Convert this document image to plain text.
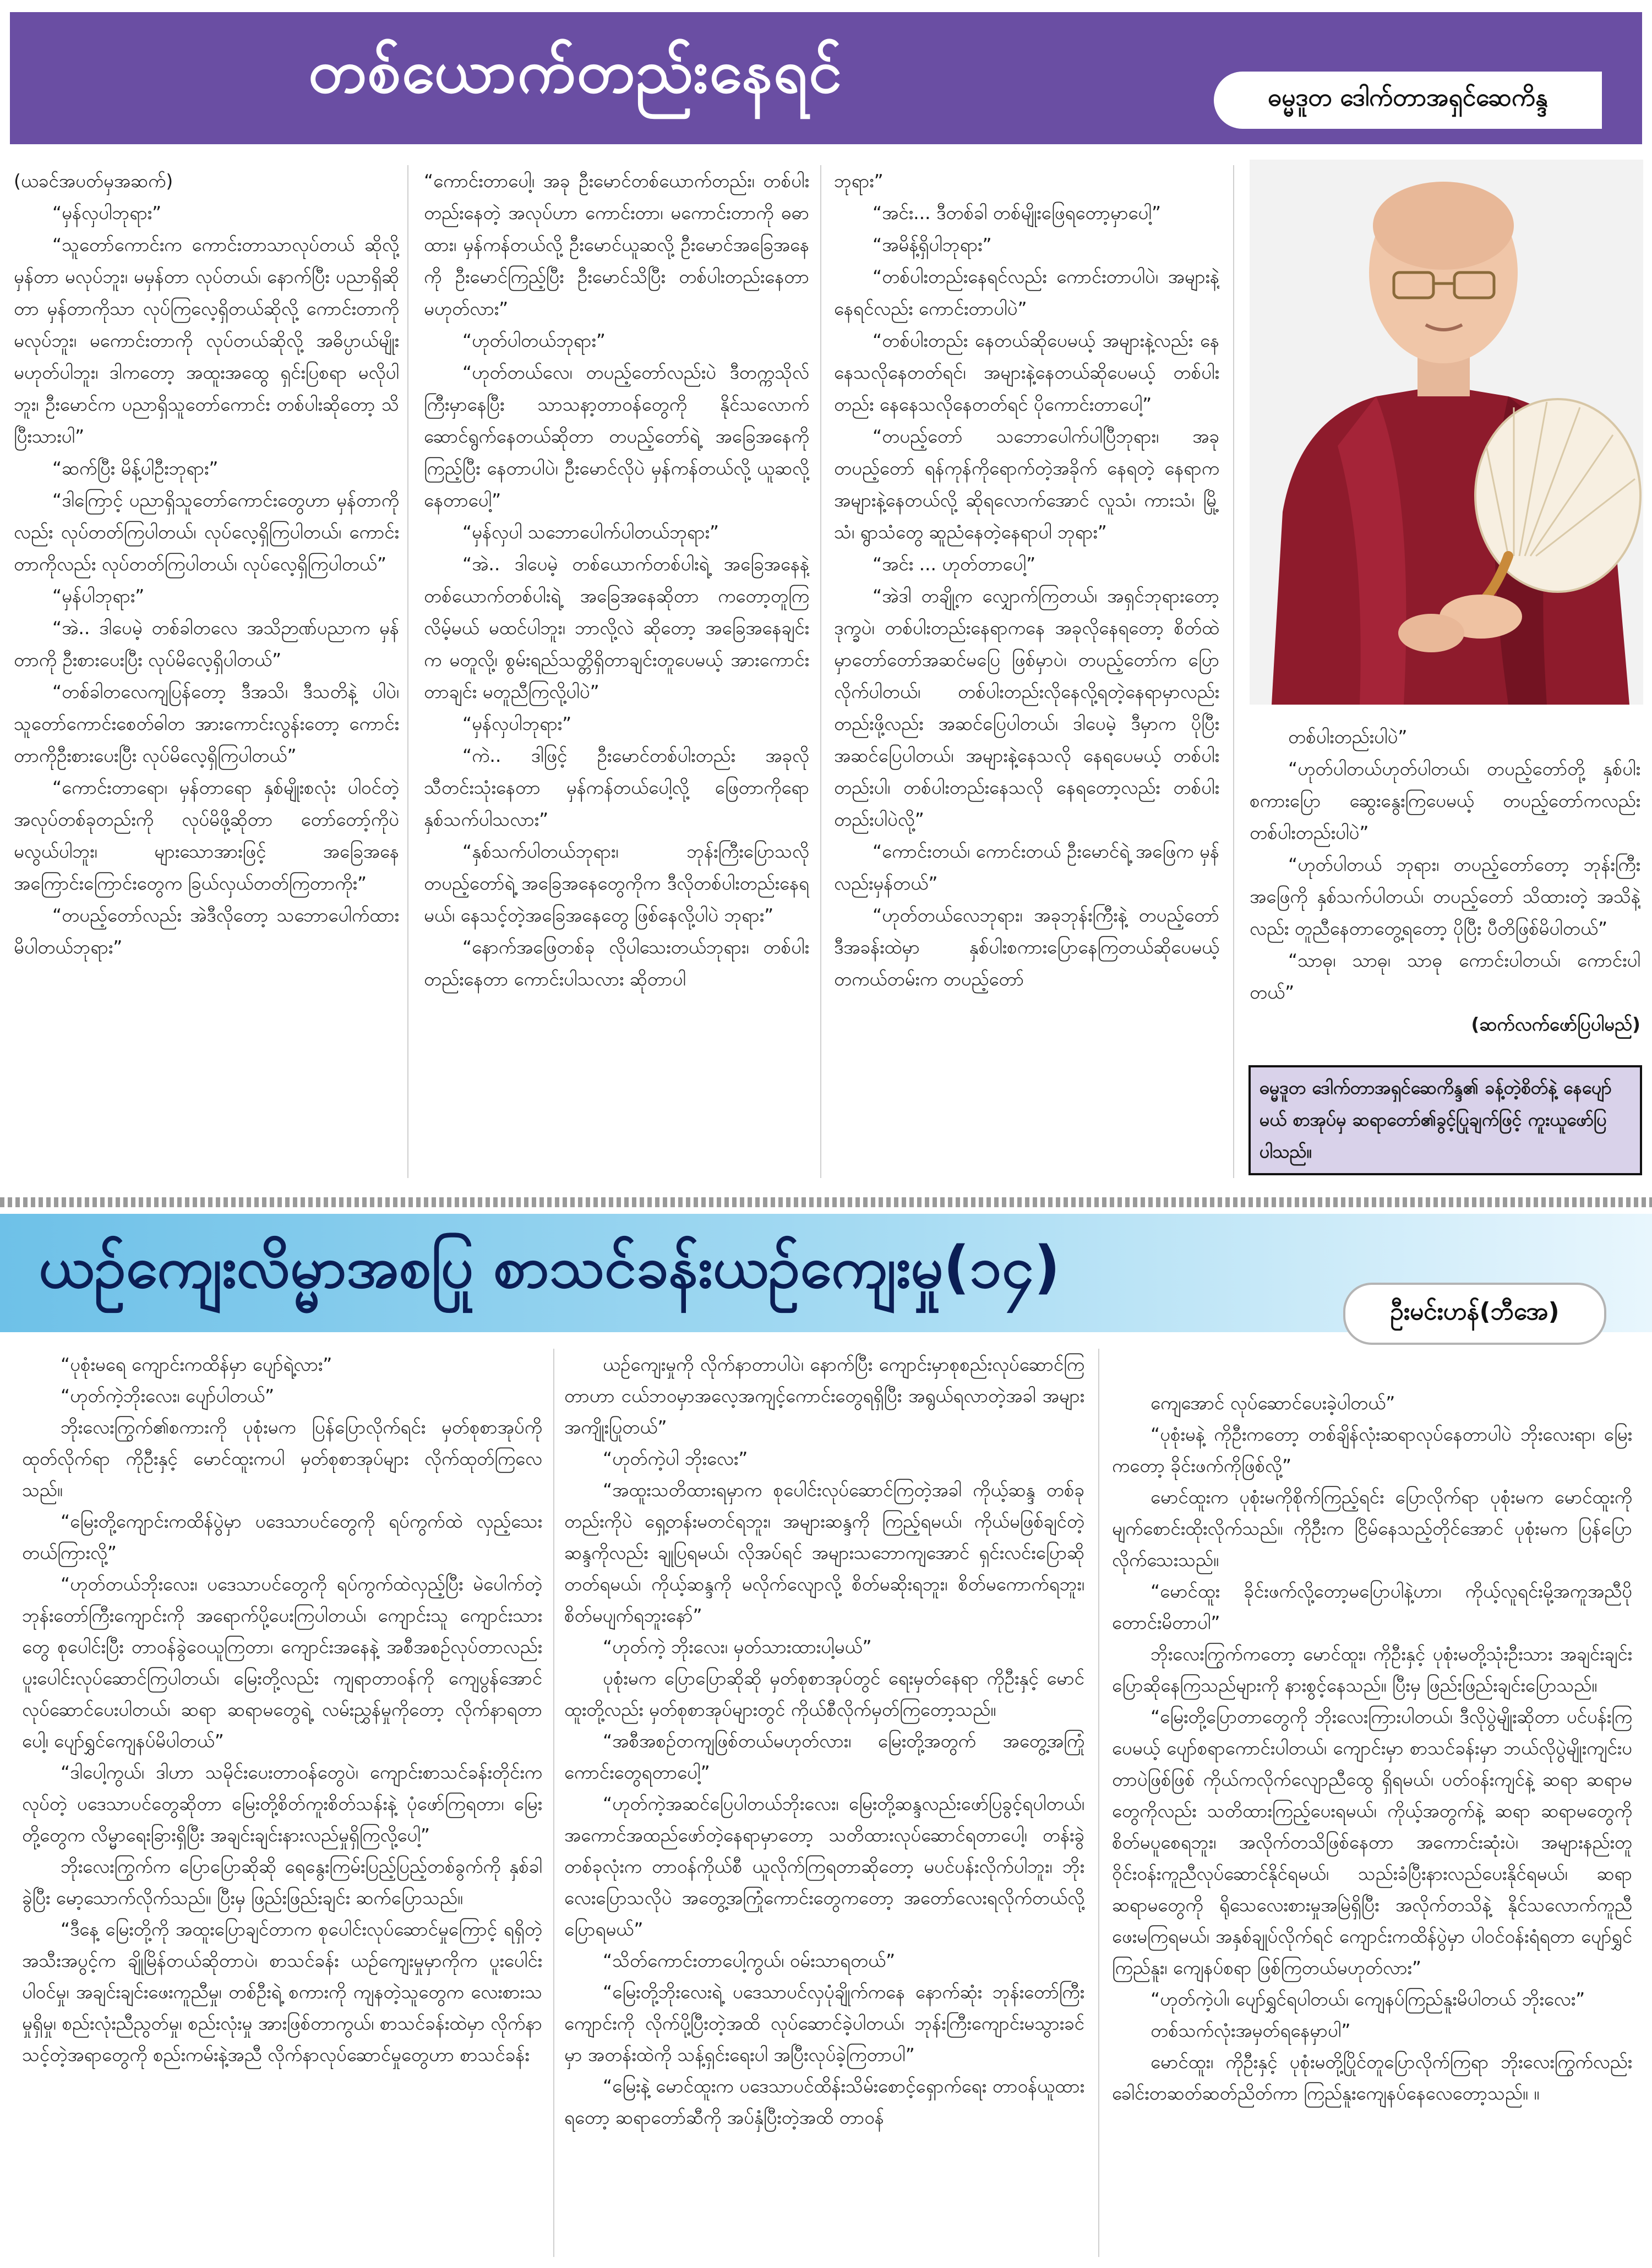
တစ်ယောက်တည်းနေရင်	ဓမ္မဒူတ ဒေါက်တာအရှင်ဆေကိန္ဒ

(ယခင်အပတ်မှအဆက်)

“မှန်လှပါဘုရား”

“သူတော်ကောင်းက ကောင်းတာသာလုပ်တယ် ဆိုလို့ မှန်တာ မလုပ်ဘူး၊ မမှန်တာ လုပ်တယ်၊ နောက်ပြီး ပညာရှိဆိုတာ မှန်တာကိုသာ လုပ်ကြလေ့ရှိတယ်ဆိုလို့ ကောင်းတာကို မလုပ်ဘူး၊ မကောင်းတာကို လုပ်တယ်ဆိုလို့ အဓိပ္ပာယ်မျိုး မဟုတ်ပါဘူး၊ ဒါကတော့ အထူးအထွေ ရှင်းပြစရာ မလိုပါဘူး၊ ဦးမောင်က ပညာရှိသူတော်ကောင်း တစ်ပါးဆိုတော့ သိပြီးသားပါ”

“ဆက်ပြီး မိန့်ပါဦးဘုရား”

“ဒါကြောင့် ပညာရှိသူတော်ကောင်းတွေဟာ မှန်တာကိုလည်း လုပ်တတ်ကြပါတယ်၊ လုပ်လေ့ရှိကြပါတယ်၊ ကောင်းတာကိုလည်း လုပ်တတ်ကြပါတယ်၊ လုပ်လေ့ရှိကြပါတယ်”

“မှန်ပါဘုရား”

“အဲ.. ဒါပေမဲ့ တစ်ခါတလေ အသိဉာဏ်ပညာက မှန်တာကို ဦးစားပေးပြီး လုပ်မိလေ့ရှိပါတယ်”

“တစ်ခါတလေကျပြန်တော့ ဒီအသိ၊ ဒီသတိနဲ့ ပါပဲ၊ သူတော်ကောင်းစေတ်ဓါတ အားကောင်းလွန်းတော့ ကောင်းတာကိုဦးစားပေးပြီး လုပ်မိလေ့ရှိကြပါတယ်”

“ကောင်းတာရော၊ မှန်တာရော နှစ်မျိုးစလုံး ပါဝင်တဲ့ အလုပ်တစ်ခုတည်းကို လုပ်မိဖို့ဆိုတာ တော်တော့်ကိုပဲ မလွယ်ပါဘူး၊ များသောအားဖြင့် အခြေအနေ အကြောင်းကြောင်းတွေက ခြယ်လှယ်တတ်ကြတာကိုး”

“တပည့်တော်လည်း အဲဒီလိုတော့ သဘောပေါက်ထားမိပါတယ်ဘုရား”

“ကောင်းတာပေါ့၊ အခု ဦးမောင်တစ်ယောက်တည်း၊ တစ်ပါးတည်းနေတဲ့ အလုပ်ဟာ ကောင်းတာ၊ မကောင်းတာကို ဓဓာထား၊ မှန်ကန်တယ်လို့ ဦးမောင်ယူဆလို့ ဦးမောင်အခြေအနေကို ဦးမောင်ကြည့်ပြီး ဦးမောင်သိပြီး တစ်ပါးတည်းနေတာ မဟုတ်လား”

“ဟုတ်ပါတယ်ဘုရား”

“ဟုတ်တယ်လေ၊ တပည့်တော်လည်းပဲ ဒီတက္ကသိုလ်ကြီးမှာနေပြီး သာသနာ့တာဝန်တွေကို နိုင်သလောက် ဆောင်ရွက်နေတယ်ဆိုတာ တပည့်တော်ရဲ့ အခြေအနေကိုကြည့်ပြီး နေတာပါပဲ၊ ဦးမောင်လိုပဲ မှန်ကန်တယ်လို့ ယူဆလို့ နေတာပေါ့”

“မှန်လှပါ သဘောပေါက်ပါတယ်ဘုရား”

“အဲ.. ဒါပေမဲ့ တစ်ယောက်တစ်ပါးရဲ့ အခြေအနေနဲ့ တစ်ယောက်တစ်ပါးရဲ့ အခြေအနေဆိုတာ ကတော့တူကြလိမ့်မယ် မထင်ပါဘူး၊ ဘာလို့လဲ ဆိုတော့ အခြေအနေချင်းက မတူလို့၊ စွမ်းရည်သတ္တိရှိတာချင်းတူပေမယ့် အားကောင်းတာချင်း မတူညီကြလို့ပါပဲ”

“မှန်လှပါဘုရား”

“ကဲ.. ဒါဖြင့် ဦးမောင်တစ်ပါးတည်း အခုလို သီတင်းသုံးနေတာ မှန်ကန်တယ်ပေါ့လို့ ဖြေတာကိုရော နှစ်သက်ပါသလား”

“နှစ်သက်ပါတယ်ဘုရား၊ ဘုန်းကြီးပြောသလို တပည့်တော်ရဲ့ အခြေအနေတွေကိုက ဒီလိုတစ်ပါးတည်းနေရမယ်၊ နေသင့်တဲ့အခြေအနေတွေ ဖြစ်နေလို့ပါပဲ ဘုရား”

“နောက်အဖြေတစ်ခု လိုပါသေးတယ်ဘုရား၊ တစ်ပါးတည်းနေတာ ကောင်းပါသလား ဆိုတာပါ

ဘုရား”

“အင်း... ဒီတစ်ခါ တစ်မျိုးဖြေရတော့မှာပေါ့”

“အမိန့်ရှိပါဘုရား”

“တစ်ပါးတည်းနေရင်လည်း ကောင်းတာပါပဲ၊ အများနဲ့နေရင်လည်း ကောင်းတာပါပဲ”

“တစ်ပါးတည်း နေတယ်ဆိုပေမယ့် အများနဲ့လည်း နေနေသလိုနေတတ်ရင်၊ အများနဲ့နေတယ်ဆိုပေမယ့် တစ်ပါးတည်း နေနေသလိုနေတတ်ရင် ပိုကောင်းတာပေါ့”

“တပည့်တော် သဘောပေါက်ပါပြီဘုရား၊ အခု တပည့်တော် ရန်ကုန်ကိုရောက်တဲ့အခိုက် နေရတဲ့ နေရာက အများနဲ့နေတယ်လို့ ဆိုရလောက်အောင် လူသံ၊ ကားသံ၊ မြို့သံ၊ ရွာသံတွေ ဆူညံနေတဲ့နေရာပါ ဘုရား”

“အင်း ... ဟုတ်တာပေါ့”

“အဲဒါ တချို့က လျှောက်ကြတယ်၊ အရှင်ဘုရားတော့ဒုက္ခပဲ၊ တစ်ပါးတည်းနေရာကနေ အခုလိုနေရတော့ စိတ်ထဲမှာတော်တော်အဆင်မပြေ ဖြစ်မှာပဲ၊ တပည့်တော်က ပြောလိုက်ပါတယ်၊ တစ်ပါးတည်းလိုနေလို့ရတဲ့နေရာမှာလည်း တည်းဖို့လည်း အဆင်ပြေပါတယ်၊ ဒါပေမဲ့ ဒီမှာက ပိုပြီး အဆင်ပြေပါတယ်၊ အများနဲ့နေသလို နေရပေမယ့် တစ်ပါးတည်းပါ၊ တစ်ပါးတည်းနေသလို နေရတော့လည်း တစ်ပါးတည်းပါပဲလို့”

“ကောင်းတယ်၊ ကောင်းတယ် ဦးမောင်ရဲ့ အဖြေက မှန်လည်းမှန်တယ်”

“ဟုတ်တယ်လေဘုရား၊ အခုဘုန်းကြီးနဲ့ တပည့်တော် ဒီအခန်းထဲမှာ နှစ်ပါးစကားပြောနေကြတယ်ဆိုပေမယ့် တကယ်တမ်းက တပည့်တော်

တစ်ပါးတည်းပါပဲ”

“ဟုတ်ပါတယ်ဟုတ်ပါတယ်၊ တပည့်တော်တို့ နှစ်ပါး စကားပြော ဆွေးနွေးကြပေမယ့် တပည့်တော်ကလည်း တစ်ပါးတည်းပါပဲ”

“ဟုတ်ပါတယ် ဘုရား၊ တပည့်တော်တော့ ဘုန်းကြီးအဖြေကို နှစ်သက်ပါတယ်၊ တပည့်တော် သိထားတဲ့ အသိနဲ့လည်း တူညီနေတာတွေ့ရတော့ ပိုပြီး ပီတိဖြစ်မိပါတယ်”

“သာဓု၊ သာဓု၊ သာဓု ကောင်းပါတယ်၊ ကောင်းပါတယ်”

(ဆက်လက်ဖော်ပြပါမည်)

ဓမ္မဒူတ ဒေါက်တာအရှင်ဆေကိန္ဒ၏ ခန့်တဲ့စိတ်နဲ့ နေပျော်မယ် စာအုပ်မှ ဆရာတော်၏ခွင့်ပြုချက်ဖြင့် ကူးယူဖော်ပြပါသည်။
ယဉ်ကျေးလိမ္မာအစပြု စာသင်ခန်းယဉ်ကျေးမှု(၁၄)
ဦးမင်းဟန်(ဘီအေ)

“ပုစုံးမရေ ကျောင်းကထိန်မှာ ပျော်ရဲ့လား”

“ဟုတ်ကဲ့ဘိုးလေး၊ ပျော်ပါတယ်”

ဘိုးလေးကြွက်၏စကားကို ပုစုံးမက ပြန်ပြောလိုက်ရင်း မှတ်စုစာအုပ်ကို ထုတ်လိုက်ရာ ကိုဦးနှင့် မောင်ထူးကပါ မှတ်စုစာအုပ်များ လိုက်ထုတ်ကြလေသည်။

“မြေးတို့ကျောင်းကထိန်ပွဲမှာ ပဒေသာပင်တွေကို ရပ်ကွက်ထဲ လှည့်သေးတယ်ကြားလို့”

“ဟုတ်တယ်ဘိုးလေး၊ ပဒေသာပင်တွေကို ရပ်ကွက်ထဲလှည့်ပြီး မဲပေါက်တဲ့ ဘုန်းတော်ကြီးကျောင်းကို အရောက်ပို့ပေးကြပါတယ်၊ ကျောင်းသူ ကျောင်းသားတွေ စုပေါင်းပြီး တာဝန်ခွဲဝေယူကြတာ၊ ကျောင်းအနေနဲ့ အစီအစဉ်လုပ်တာလည်း ပူးပေါင်းလုပ်ဆောင်ကြပါတယ်၊ မြေးတို့လည်း ကျရာတာဝန်ကို ကျေပွန်အောင် လုပ်ဆောင်ပေးပါတယ်၊ ဆရာ ဆရာမတွေရဲ့ လမ်းညွှန်မှုကိုတော့ လိုက်နာရတာပေါ့၊ ပျော်ရွှင်ကျေနပ်မိပါတယ်”

“ဒါပေါ့ကွယ်၊ ဒါဟာ သမိုင်းပေးတာဝန်တွေပဲ၊ ကျောင်းစာသင်ခန်းတိုင်းကလုပ်တဲ့ ပဒေသာပင်တွေဆိုတာ မြေးတို့စိတ်ကူးစိတ်သန်းနဲ့ ပုံဖော်ကြရတာ၊ မြေးတို့တွေက လိမ္မာရေးခြားရှိပြီး အချင်းချင်းနားလည်မှုရှိကြလို့ပေါ့”

ဘိုးလေးကြွက်က ပြောပြောဆိုဆို ရေနွေးကြမ်းပြည့်ပြည့်တစ်ခွက်ကို နှစ်ခါခွဲပြီး မော့သောက်လိုက်သည်။ ပြီးမှ ဖြည်းဖြည်းချင်း ဆက်ပြောသည်။

“ဒီနေ့ မြေးတို့ကို အထူးပြောချင်တာက စုပေါင်းလုပ်ဆောင်မှုကြောင့် ရရှိတဲ့အသီးအပွင့်က ချိုမြိန်တယ်ဆိုတာပဲ၊ စာသင်ခန်း ယဉ်ကျေးမှုမှာကိုက ပူးပေါင်းပါဝင်မှု၊ အချင်းချင်းဖေးကူညီမှု၊ တစ်ဦးရဲ့ စကားကို ကျနတဲ့သူတွေက လေးစားသမှုရှိမှု၊ စည်းလုံးညီညွတ်မှု၊ စည်းလုံးမှု အားဖြစ်တာကွယ်၊ စာသင်ခန်းထဲမှာ လိုက်နာသင့်တဲ့အရာတွေကို စည်းကမ်းနဲ့အညီ လိုက်နာလုပ်ဆောင်မှုတွေဟာ စာသင်ခန်း

ယဉ်ကျေးမှုကို လိုက်နာတာပါပဲ၊ နောက်ပြီး ကျောင်းမှာစုစည်းလုပ်ဆောင်ကြတာဟာ ငယ်ဘဝမှာအလေ့အကျင့်ကောင်းတွေရရှိပြီး အရွယ်ရလာတဲ့အခါ အများအကျိုးပြုတယ်”

“ဟုတ်ကဲ့ပါ ဘိုးလေး”

“အထူးသတိထားရမှာက စုပေါင်းလုပ်ဆောင်ကြတဲ့အခါ ကိုယ့်ဆန္ဒ တစ်ခုတည်းကိုပဲ ရှေ့တန်းမတင်ရဘူး၊ အများဆန္ဒကို ကြည့်ရမယ်၊ ကိုယ်မဖြစ်ချင်တဲ့ဆန္ဒကိုလည်း ချုပြရမယ်၊ လိုအပ်ရင် အများသဘောကျအောင် ရှင်းလင်းပြောဆိုတတ်ရမယ်၊ ကိုယ့်ဆန္ဒကို မလိုက်လျောလို့ စိတ်မဆိုးရဘူး၊ စိတ်မကောက်ရဘူး၊ စိတ်မပျက်ရဘူးနော်”

“ဟုတ်ကဲ့ ဘိုးလေး၊ မှတ်သားထားပါ့မယ်”

ပုစုံးမက ပြောပြောဆိုဆို မှတ်စုစာအုပ်တွင် ရေးမှတ်နေရာ ကိုဦးနှင့် မောင်ထူးတို့လည်း မှတ်စုစာအုပ်များတွင် ကိုယ်စီလိုက်မှတ်ကြတော့သည်။

“အစီအစဉ်တကျဖြစ်တယ်မဟုတ်လား၊ မြေးတို့အတွက် အတွေ့အကြုံကောင်းတွေရတာပေါ့”

“ဟုတ်ကဲ့အဆင်ပြေပါတယ်ဘိုးလေး၊ မြေးတို့ဆန္ဒလည်းဖော်ပြခွင့်ရပါတယ်၊ အကောင်အထည်ဖော်တဲ့နေရာမှာတော့ သတိထားလုပ်ဆောင်ရတာပေါ့၊ တန်းခွဲတစ်ခုလုံးက တာဝန်ကိုယ်စီ ယူလိုက်ကြရတာဆိုတော့ မပင်ပန်းလိုက်ပါဘူး၊ ဘိုးလေးပြောသလိုပဲ အတွေ့အကြုံကောင်းတွေကတော့ အတော်လေးရလိုက်တယ်လို့ ပြောရမယ်”

“သိတ်ကောင်းတာပေါ့ကွယ်၊ ဝမ်းသာရတယ်”

“မြေးတို့ဘိုးလေးရဲ့ ပဒေသာပင်လှပုံချိုက်ကနေ နောက်ဆုံး ဘုန်းတော်ကြီးကျောင်းကို လိုက်ပို့ပြီးတဲ့အထိ လုပ်ဆောင်ခဲ့ပါတယ်၊ ဘုန်းကြီးကျောင်းမသွားခင်မှာ အတန်းထဲကို သန့်ရှင်းရေးပါ အပြီးလုပ်ခဲ့ကြတာပါ”

“မြေးနဲ့ မောင်ထူးက ပဒေသာပင်ထိန်းသိမ်းစောင့်ရှောက်ရေး တာဝန်ယူထားရတော့ ဆရာတော်ဆီကို အပ်နှံပြီးတဲ့အထိ တာဝန်

ကျေအောင် လုပ်ဆောင်ပေးခဲ့ပါတယ်”

“ပုစုံးမနဲ့ ကိုဦးကတော့ တစ်ချိန်လုံးဆရာလုပ်နေတာပါပဲ ဘိုးလေးရာ၊ မြေးကတော့ ခိုင်းဖက်ကိုဖြစ်လို့”

မောင်ထူးက ပုစုံးမကိုစိုက်ကြည့်ရင်း ပြောလိုက်ရာ ပုစုံးမက မောင်ထူးကို မျက်စောင်းထိုးလိုက်သည်။ ကိုဦးက ငြိမ်နေသည့်တိုင်အောင် ပုစုံးမက ပြန်ပြောလိုက်သေးသည်။

“မောင်ထူး ခိုင်းဖက်လို့တော့မပြောပါနဲ့ဟာ၊ ကိုယ့်လူရင်းမို့အကူအညီပိုတောင်းမိတာပါ”

ဘိုးလေးကြွက်ကတော့ မောင်ထူး၊ ကိုဦးနှင့် ပုစုံးမတို့သုံးဦးသား အချင်းချင်းပြောဆိုနေကြသည်များကို နားစွင့်နေသည်။ ပြီးမှ ဖြည်းဖြည်းချင်းပြောသည်။

“မြေးတို့ပြောတာတွေကို ဘိုးလေးကြားပါတယ်၊ ဒီလိုပွဲမျိုးဆိုတာ ပင်ပန်းကြပေမယ့် ပျော်စရာကောင်းပါတယ်၊ ကျောင်းမှာ စာသင်ခန်းမှာ ဘယ်လိုပွဲမျိုးကျင်းပတာပဲဖြစ်ဖြစ် ကိုယ်ကလိုက်လျောညီထွေ ရှိရမယ်၊ ပတ်ဝန်းကျင်နဲ့ ဆရာ ဆရာမတွေကိုလည်း သတိထားကြည့်ပေးရမယ်၊ ကိုယ့်အတွက်နဲ့ ဆရာ ဆရာမတွေကို စိတ်မပူစေရဘူး၊ အလိုက်တသိဖြစ်နေတာ အကောင်းဆုံးပဲ၊ အများနည်းတူ ဝိုင်းဝန်းကူညီလုပ်ဆောင်နိုင်ရမယ်၊ သည်းခံပြီးနားလည်ပေးနိုင်ရမယ်၊ ဆရာ ဆရာမတွေကို ရိုသေလေးစားမှုအမြဲရှိပြီး အလိုက်တသိနဲ့ နိုင်သလောက်ကူညီဖေးမကြရမယ်၊ အနှစ်ချုပ်လိုက်ရင် ကျောင်းကထိန်ပွဲမှာ ပါဝင်ဝန်းရံရတာ ပျော်ရွှင်ကြည်နူး၊ ကျေနပ်စရာ ဖြစ်ကြတယ်မဟုတ်လား”

“ဟုတ်ကဲ့ပါ၊ ပျော်ရွှင်ရပါတယ်၊ ကျေနပ်ကြည်နူးမိပါတယ် ဘိုးလေး”

တစ်သက်လုံးအမှတ်ရနေမှာပါ”

မောင်ထူး၊ ကိုဦးနှင့် ပုစုံးမတို့ပြိုင်တူပြောလိုက်ကြရာ ဘိုးလေးကြွက်လည်း ခေါင်းတဆတ်ဆတ်ညိတ်ကာ ကြည်နူးကျေနပ်နေလေတော့သည်။ ။
